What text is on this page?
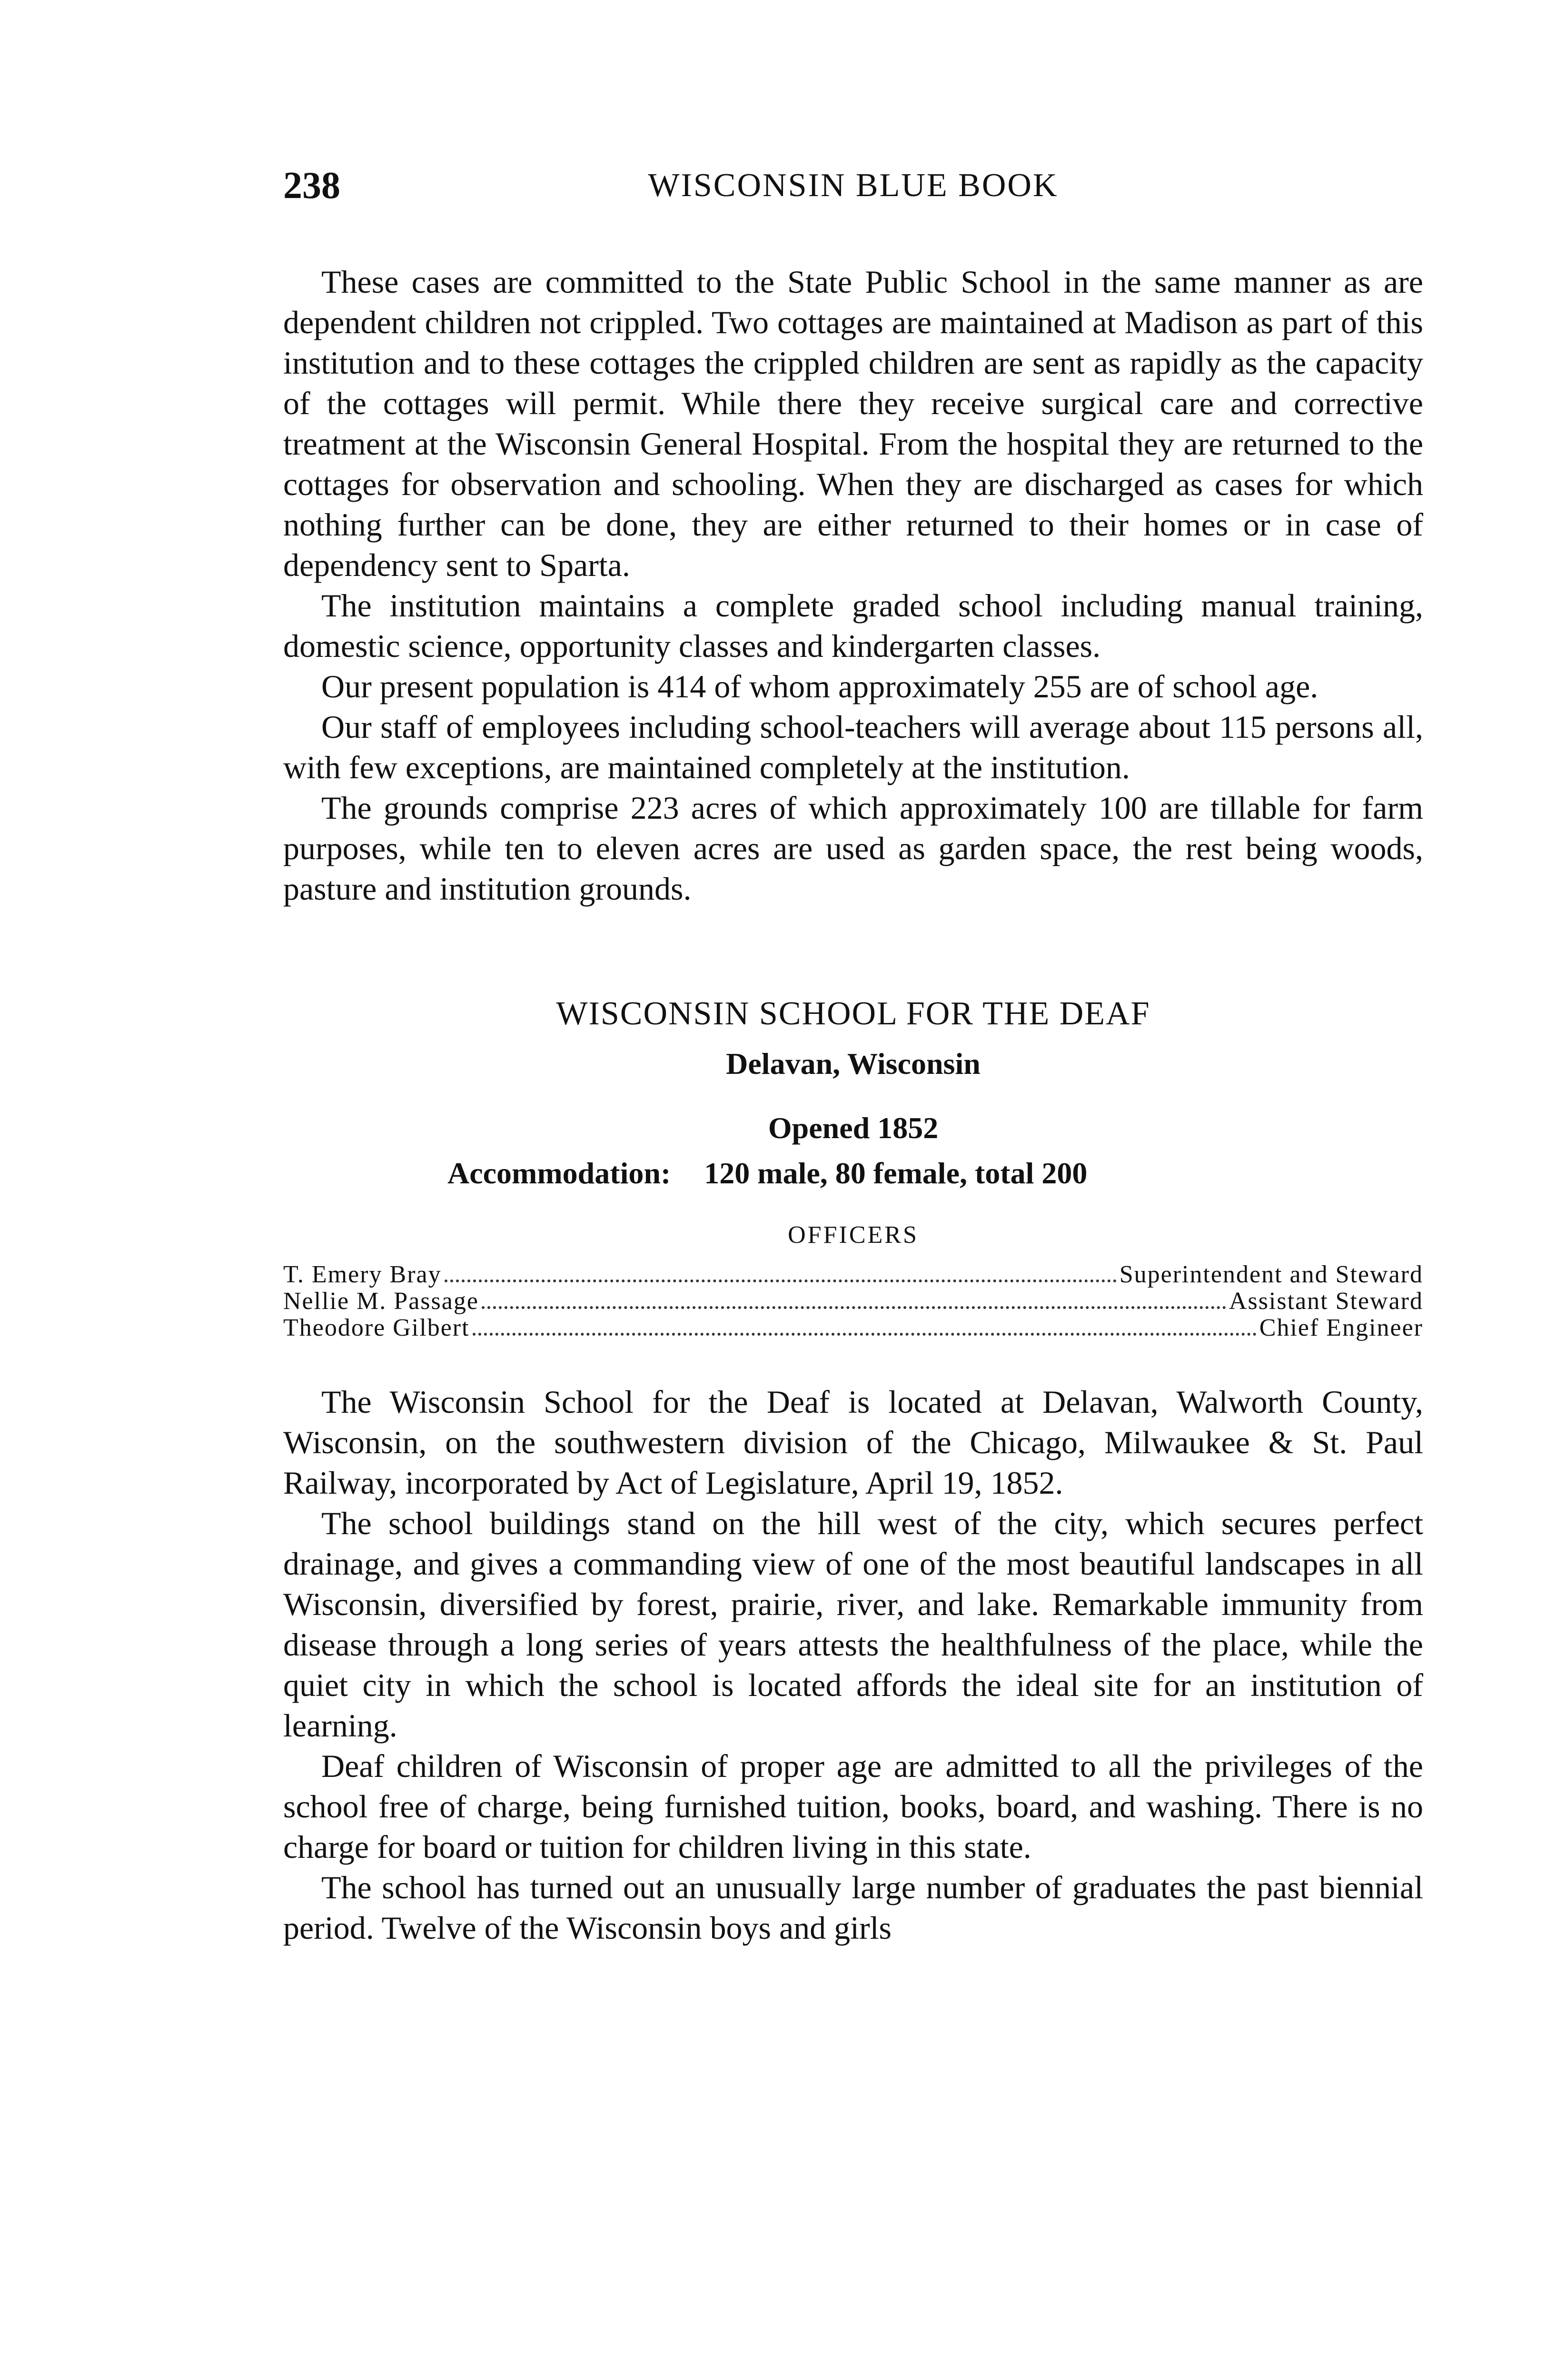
238	WISCONSIN BLUE BOOK

These cases are committed to the State Public School in the same manner as are dependent children not crippled. Two cottages are maintained at Madison as part of this institution and to these cottages the crippled children are sent as rapidly as the capacity of the cottages will permit. While there they receive surgical care and corrective treatment at the Wisconsin General Hospital. From the hospital they are returned to the cottages for observation and schooling. When they are discharged as cases for which nothing further can be done, they are either returned to their homes or in case of dependency sent to Sparta.

The institution maintains a complete graded school including manual training, domestic science, opportunity classes and kindergarten classes.

Our present population is 414 of whom approximately 255 are of school age.

Our staff of employees including school-teachers will average about 115 persons all, with few exceptions, are maintained completely at the institution.

The grounds comprise 223 acres of which approximately 100 are tillable for farm purposes, while ten to eleven acres are used as garden space, the rest being woods, pasture and institution grounds.

WISCONSIN SCHOOL FOR THE DEAF
Delavan, Wisconsin
Opened 1852
Accommodation: 120 male, 80 female, total 200
OFFICERS
T. Emery Bray	Superintendent and Steward
Nellie M. Passage	Assistant Steward
Theodore Gilbert	Chief Engineer

The Wisconsin School for the Deaf is located at Delavan, Walworth County, Wisconsin, on the southwestern division of the Chicago, Milwaukee & St. Paul Railway, incorporated by Act of Legislature, April 19, 1852.

The school buildings stand on the hill west of the city, which secures perfect drainage, and gives a commanding view of one of the most beautiful landscapes in all Wisconsin, diversified by forest, prairie, river, and lake. Remarkable immunity from disease through a long series of years attests the healthfulness of the place, while the quiet city in which the school is located affords the ideal site for an institution of learning.

Deaf children of Wisconsin of proper age are admitted to all the privileges of the school free of charge, being furnished tuition, books, board, and washing. There is no charge for board or tuition for children living in this state.

The school has turned out an unusually large number of graduates the past biennial period. Twelve of the Wisconsin boys and girls
